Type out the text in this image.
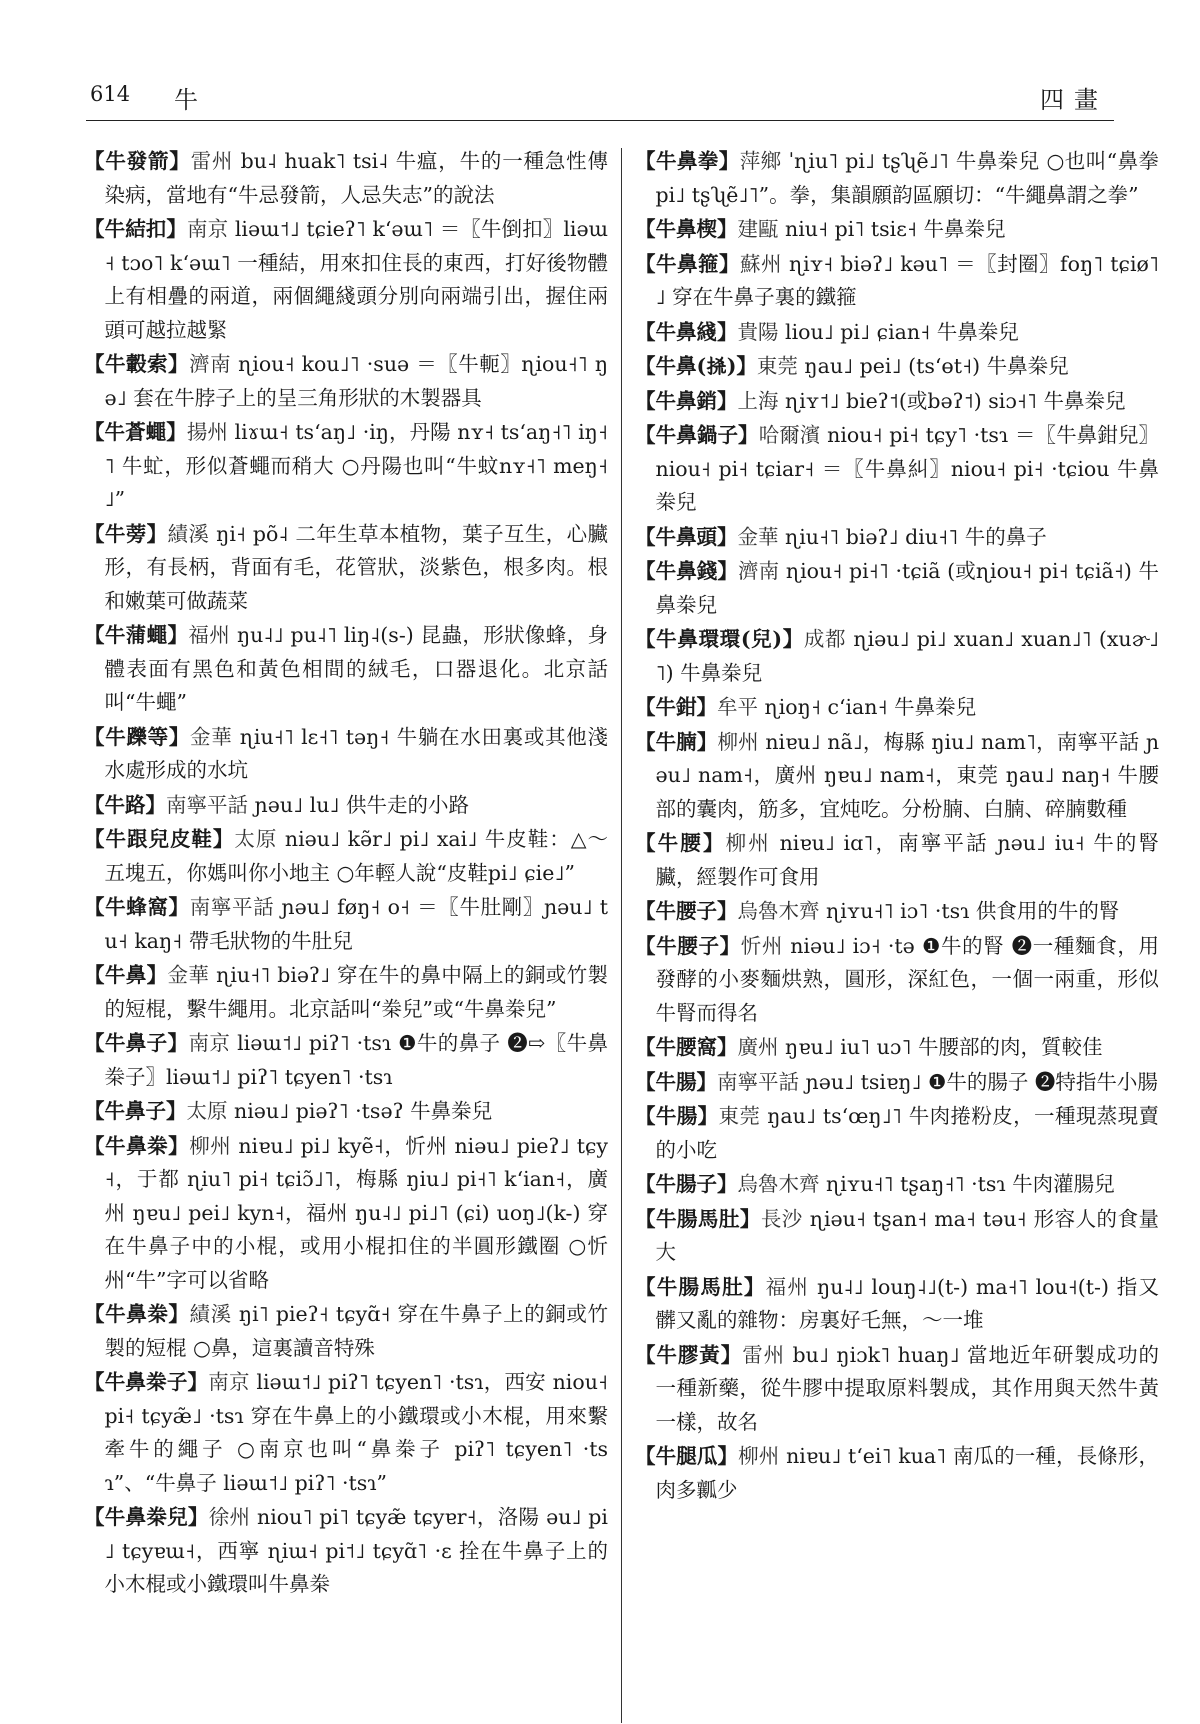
614 牛	四畫

【牛發箭】雷州 bu˨ huak˥ tsi˨ 牛瘟，牛的一種急性傳染病，當地有“牛忌發箭，人忌失志”的說法

【牛結扣】南京 liəɯ˦˩ tɕieʔ˥ kʻəɯ˥ ＝〖牛倒扣〗liəɯ˧ tɔo˥ kʻəɯ˥ 一種結，用來扣住長的東西，打好後物體上有相疊的兩道，兩個繩綫頭分別向兩端引出，握住兩頭可越拉越緊

【牛轂索】濟南 ɳiou˧ kou˩˥ ·suə ＝〖牛軛〗ɳiou˧˥ ŋə˩ 套在牛脖子上的呈三角形狀的木製器具

【牛蒼蠅】揚州 liɤɯ˧ tsʻaŋ˩ ·iŋ，丹陽 nʏ˧ tsʻaŋ˧˥ iŋ˧˥ 牛虻，形似蒼蠅而稍大 ○丹陽也叫“牛蚊nʏ˧˥ meŋ˧˩”

【牛蒡】績溪 ŋi˧ põ˨ 二年生草本植物，葉子互生，心臟形，有長柄，背面有毛，花管狀，淡紫色，根多肉。根和嫩葉可做蔬菜

【牛蒲蠅】福州 ŋu˨˩ pu˨˥ liŋ˨(s-) 昆蟲，形狀像蜂，身體表面有黑色和黃色相間的絨毛，口器退化。北京話叫“牛蠅”

【牛躒等】金華 ɳiu˧˥ lɛ˧˥ təŋ˧ 牛躺在水田裏或其他淺水處形成的水坑

【牛路】南寧平話 ɲəu˩ lu˩ 供牛走的小路

【牛跟兒皮鞋】太原 niəu˩ kə̃r˩ pi˩ xai˩ 牛皮鞋：△～五塊五，你媽叫你小地主 ○年輕人說“皮鞋pi˩ ɕie˩”

【牛蜂窩】南寧平話 ɲəu˩ føŋ˧ o˧ ＝〖牛肚剛〗ɲəu˩ tu˧ kaŋ˧ 帶毛狀物的牛肚兒

【牛鼻】金華 ɳiu˧˥ biəʔ˩ 穿在牛的鼻中隔上的銅或竹製的短棍，繫牛繩用。北京話叫“桊兒”或“牛鼻桊兒”

【牛鼻子】南京 liəɯ˦˩ piʔ˥ ·tsɿ ❶牛的鼻子 ❷⇨〖牛鼻桊子〗liəɯ˦˩ piʔ˥ tɕyen˥ ·tsɿ

【牛鼻子】太原 niəu˩ piəʔ˥ ·tsəʔ 牛鼻桊兒

【牛鼻桊】柳州 niɐu˩ pi˩ kyẽ˧，忻州 niəu˩ pieʔ˩ tɕy˧，于都 ɳiu˥ pi˧ tɕiɔ̃˩˥，梅縣 ŋiu˩ pi˧˥ kʻian˧，廣州 ŋɐu˩ pei˩ kyn˧，福州 ŋu˨˩ pi˩˥ (ɕi) uoŋ˩(k-) 穿在牛鼻子中的小棍，或用小棍扣住的半圓形鐵圈 ○忻州“牛”字可以省略

【牛鼻桊】績溪 ŋi˥ pieʔ˧ tɕyɑ̃˧ 穿在牛鼻子上的銅或竹製的短棍 ○鼻，這裏讀音特殊

【牛鼻桊子】南京 liəɯ˦˩ piʔ˥ tɕyen˥ ·tsɿ，西安 niou˧ pi˧ tɕyæ̃˩ ·tsɿ 穿在牛鼻上的小鐵環或小木棍，用來繫牽牛的繩子 ○南京也叫“鼻桊子 piʔ˥ tɕyen˥ ·tsɿ”、“牛鼻子 liəɯ˦˩ piʔ˥ ·tsɿ”

【牛鼻桊兒】徐州 niou˥ pi˥ tɕyæ̃ tɕyɐr˧，洛陽 əu˩ pi˩ tɕyɐɯ˧，西寧 ɳiɯ˧ pi˦˩ tɕyɑ̃˥ ·ɛ 拴在牛鼻子上的小木棍或小鐵環叫牛鼻桊

【牛鼻拳】萍鄉 ˈɳiu˥ pi˩ tʂʯẽ˩˥ 牛鼻桊兒 ○也叫“鼻拳 pi˩ tʂʯẽ˩˥”。拳，集韻願韵區願切：“牛繩鼻謂之拳”

【牛鼻楔】建甌 niu˧ pi˥ tsiɛ˧ 牛鼻桊兒

【牛鼻箍】蘇州 ɳiʏ˧ biəʔ˩ kəu˥ ＝〖封圈〗foŋ˥ tɕiø˥˩ 穿在牛鼻子裏的鐵箍

【牛鼻綫】貴陽 liou˩ pi˩ ɕian˧ 牛鼻桊兒

【牛鼻(𢫬)】東莞 ŋau˩ pei˩ (tsʻɵt˧) 牛鼻桊兒

【牛鼻銷】上海 ɳiʏ˦˩ bieʔ˦(或bəʔ˦) siɔ˧˥ 牛鼻桊兒

【牛鼻鍋子】哈爾濱 niou˧ pi˧ tɕy˥ ·tsɿ ＝〖牛鼻鉗兒〗niou˧ pi˧ tɕiar˧ ＝〖牛鼻糾〗niou˧ pi˧ ·tɕiou 牛鼻桊兒

【牛鼻頭】金華 ɳiu˧˥ biəʔ˩ diu˧˥ 牛的鼻子

【牛鼻錢】濟南 ɳiou˧ pi˧˥ ·tɕiã (或ɳiou˧ pi˧ tɕiã˧) 牛鼻桊兒

【牛鼻環環(兒)】成都 ɳiəu˩ pi˩ xuan˩ xuan˩˥ (xuɚ˩˥) 牛鼻桊兒

【牛鉗】牟平 ɳioŋ˧ cʻian˧ 牛鼻桊兒

【牛腩】柳州 niɐu˩ nã˩，梅縣 ŋiu˩ nam˥，南寧平話 ɲəu˩ nam˧，廣州 ŋɐu˩ nam˧，東莞 ŋau˩ naŋ˧ 牛腰部的囊肉，筋多，宜炖吃。分枌腩、白腩、碎腩數種

【牛腰】柳州 niɐu˩ iɑ˥，南寧平話 ɲəu˩ iu˧ 牛的腎臟，經製作可食用

【牛腰子】烏魯木齊 ɳiʏu˧˥ iɔ˥ ·tsɿ 供食用的牛的腎

【牛腰子】忻州 niəu˩ iɔ˧ ·tə ❶牛的腎 ❷一種麵食，用發酵的小麥麵烘熟，圓形，深紅色，一個一兩重，形似牛腎而得名

【牛腰窩】廣州 ŋɐu˩ iu˥ uɔ˥ 牛腰部的肉，質較佳

【牛腸】南寧平話 ɲəu˩ tsiɐŋ˩ ❶牛的腸子 ❷特指牛小腸

【牛腸】東莞 ŋau˩ tsʻœŋ˩˥ 牛肉捲粉皮，一種現蒸現賣的小吃

【牛腸子】烏魯木齊 ɳiʏu˧˥ tʂaŋ˧˥ ·tsɿ 牛肉灌腸兒

【牛腸馬肚】長沙 ɳiəu˧ tʂan˧ ma˧ təu˧ 形容人的食量大

【牛腸馬肚】福州 ŋu˨˩ louŋ˨˩(t-) ma˧˥ lou˧(t-) 指又髒又亂的雜物：房裏好乇無，～一堆

【牛膠黃】雷州 bu˩ ŋiɔk˥ huaŋ˩ 當地近年研製成功的一種新藥，從牛膠中提取原料製成，其作用與天然牛黃一樣，故名

【牛腿瓜】柳州 niɐu˩ tʻei˥ kua˥ 南瓜的一種，長條形，肉多瓤少
